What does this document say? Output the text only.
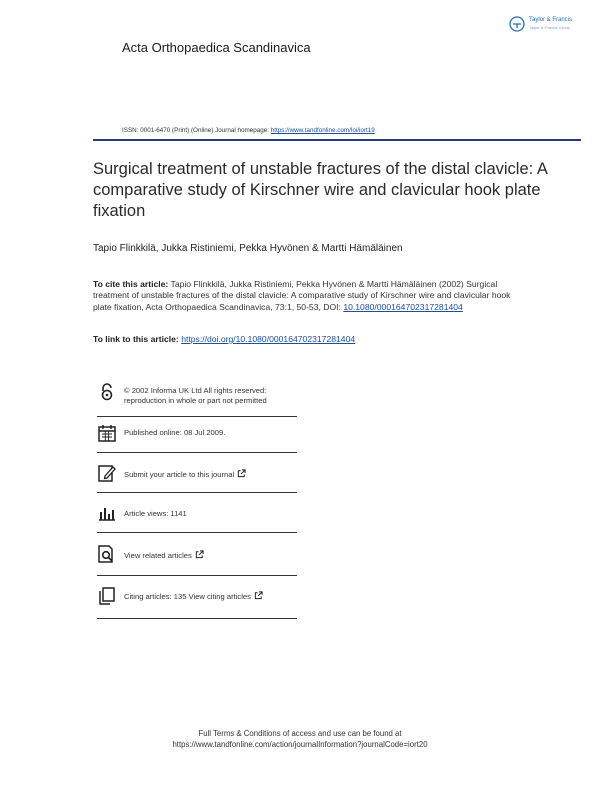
Acta Orthopaedica Scandinavica
Taylor & Francis
Taylor & Francis Group
ISSN: 0001-6470 (Print) (Online) Journal homepage: https://www.tandfonline.com/loi/iort19
Surgical treatment of unstable fractures of the distal clavicle: A comparative study of Kirschner wire and clavicular hook plate fixation
Tapio Flinkkilä, Jukka Ristiniemi, Pekka Hyvönen & Martti Hämäläinen
To cite this article: Tapio Flinkkilä, Jukka Ristiniemi, Pekka Hyvönen & Martti Hämäläinen (2002) Surgical treatment of unstable fractures of the distal clavicle: A comparative study of Kirschner wire and clavicular hook plate fixation, Acta Orthopaedica Scandinavica, 73:1, 50-53, DOI: 10.1080/000164702317281404
To link to this article: https://doi.org/10.1080/000164702317281404
© 2002 Informa UK Ltd All rights reserved:
reproduction in whole or part not permitted
Published online: 08 Jul 2009.
Submit your article to this journal
Article views: 1141
View related articles
Citing articles: 135 View citing articles
Full Terms & Conditions of access and use can be found at
https://www.tandfonline.com/action/journalInformation?journalCode=iort20
